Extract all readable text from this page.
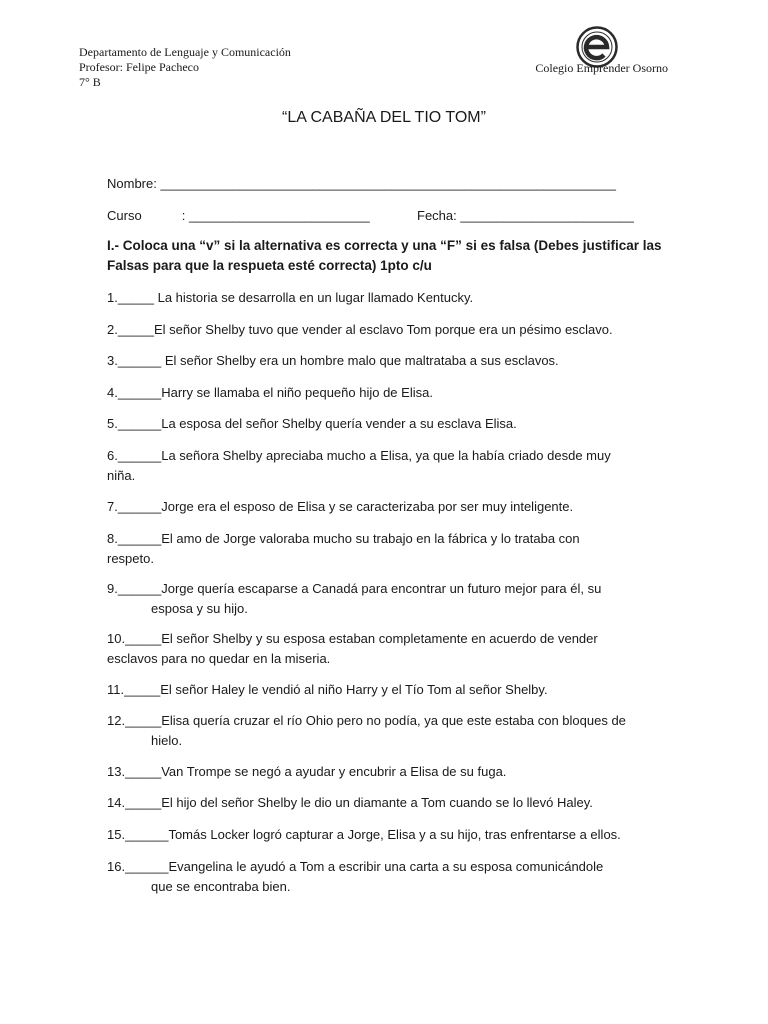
Departamento de Lenguaje y Comunicación
Profesor: Felipe Pacheco
7° B
Colegio Emprender Osorno
“LA CABAÑA DEL TIO TOM”
Nombre: _______________________________________________________________
Curso	: _________________________	Fecha: ________________________
I.- Coloca una “v” si la alternativa es correcta y una “F” si es falsa (Debes justificar las Falsas para que la respueta esté correcta) 1pto c/u
1._____ La historia se desarrolla en un lugar llamado Kentucky.
2._____El señor Shelby tuvo que vender al esclavo Tom porque era un pésimo esclavo.
3.______ El señor Shelby era un hombre malo que maltrataba a sus esclavos.
4.______Harry se llamaba el niño pequeño hijo de Elisa.
5.______La esposa del señor Shelby quería vender a su esclava Elisa.
6.______La señora Shelby apreciaba mucho a Elisa, ya que la había criado desde muy
niña.
7.______Jorge era el esposo de Elisa y se caracterizaba por ser muy inteligente.
8.______El amo de Jorge valoraba mucho su trabajo en la fábrica y lo trataba con
respeto.
9.______Jorge quería escaparse a Canadá para encontrar un futuro mejor para él, su
esposa y su hijo.
10._____El señor Shelby y su esposa estaban completamente en acuerdo de vender
esclavos para no quedar en la miseria.
11._____El señor Haley le vendió al niño Harry y el Tío Tom al señor Shelby.
12._____Elisa quería cruzar el río Ohio pero no podía, ya que este estaba con bloques de
hielo.
13._____Van Trompe se negó a ayudar y encubrir a Elisa de su fuga.
14._____El hijo del señor Shelby le dio un diamante a Tom cuando se lo llevó Haley.
15.______Tomás Locker logró capturar a Jorge, Elisa y a su hijo, tras enfrentarse a ellos.
16.______Evangelina le ayudó a Tom a escribir una carta a su esposa comunicándole
que se encontraba bien.
